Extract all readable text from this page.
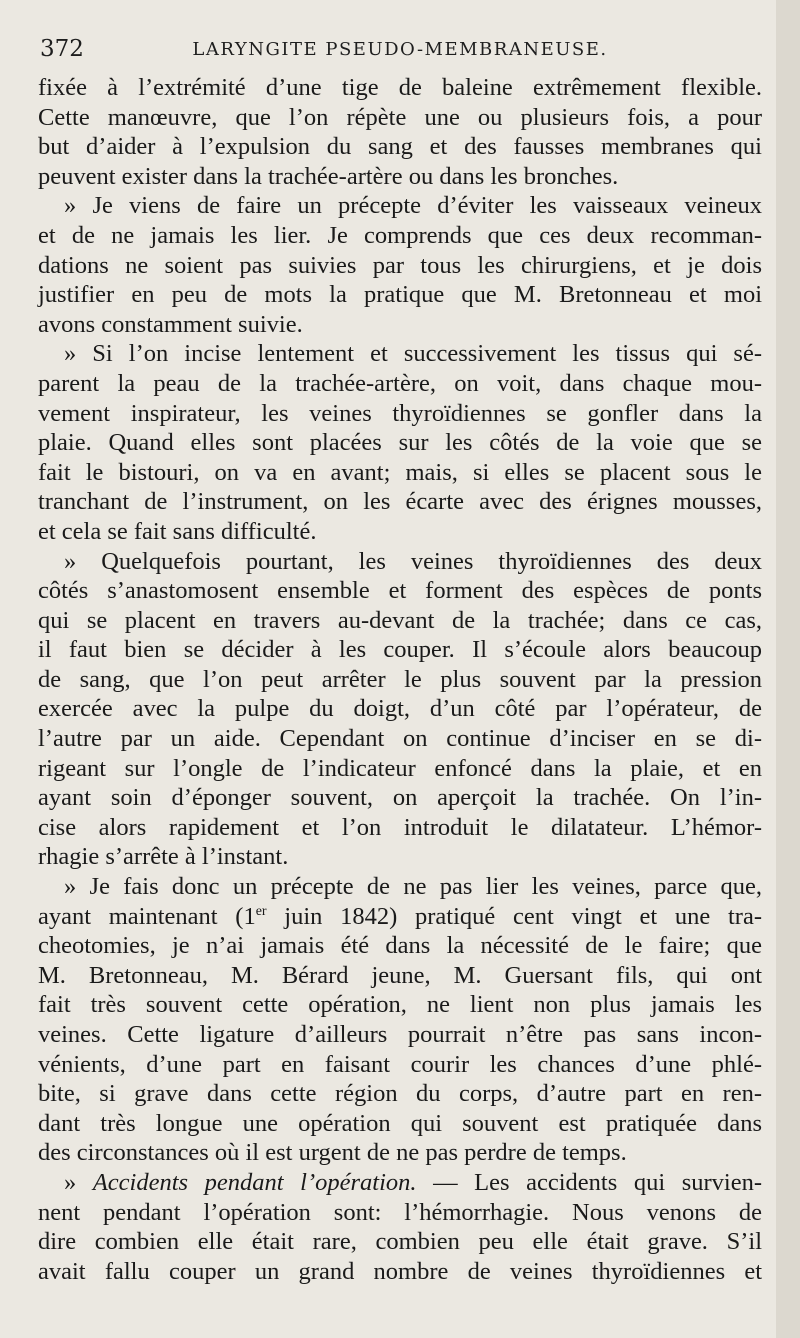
372	LARYNGITE PSEUDO-MEMBRANEUSE.
fixée à l’extrémité d’une tige de baleine extrêmement flexible.
Cette manœuvre, que l’on répète une ou plusieurs fois, a pour
but d’aider à l’expulsion du sang et des fausses membranes qui
peuvent exister dans la trachée-artère ou dans les bronches.
» Je viens de faire un précepte d’éviter les vaisseaux veineux
et de ne jamais les lier. Je comprends que ces deux recomman-
dations ne soient pas suivies par tous les chirurgiens, et je dois
justifier en peu de mots la pratique que M. Bretonneau et moi
avons constamment suivie.
» Si l’on incise lentement et successivement les tissus qui sé-
parent la peau de la trachée-artère, on voit, dans chaque mou-
vement inspirateur, les veines thyroïdiennes se gonfler dans la
plaie. Quand elles sont placées sur les côtés de la voie que se
fait le bistouri, on va en avant; mais, si elles se placent sous le
tranchant de l’instrument, on les écarte avec des érignes mousses,
et cela se fait sans difficulté.
» Quelquefois pourtant, les veines thyroïdiennes des deux
côtés s’anastomosent ensemble et forment des espèces de ponts
qui se placent en travers au-devant de la trachée; dans ce cas,
il faut bien se décider à les couper. Il s’écoule alors beaucoup
de sang, que l’on peut arrêter le plus souvent par la pression
exercée avec la pulpe du doigt, d’un côté par l’opérateur, de
l’autre par un aide. Cependant on continue d’inciser en se di-
rigeant sur l’ongle de l’indicateur enfoncé dans la plaie, et en
ayant soin d’éponger souvent, on aperçoit la trachée. On l’in-
cise alors rapidement et l’on introduit le dilatateur. L’hémor-
rhagie s’arrête à l’instant.
» Je fais donc un précepte de ne pas lier les veines, parce que,
ayant maintenant (1er juin 1842) pratiqué cent vingt et une tra-
cheotomies, je n’ai jamais été dans la nécessité de le faire; que
M. Bretonneau, M. Bérard jeune, M. Guersant fils, qui ont
fait très souvent cette opération, ne lient non plus jamais les
veines. Cette ligature d’ailleurs pourrait n’être pas sans incon-
vénients, d’une part en faisant courir les chances d’une phlé-
bite, si grave dans cette région du corps, d’autre part en ren-
dant très longue une opération qui souvent est pratiquée dans
des circonstances où il est urgent de ne pas perdre de temps.
» Accidents pendant l’opération. — Les accidents qui survien-
nent pendant l’opération sont: l’hémorrhagie. Nous venons de
dire combien elle était rare, combien peu elle était grave. S’il
avait fallu couper un grand nombre de veines thyroïdiennes et
